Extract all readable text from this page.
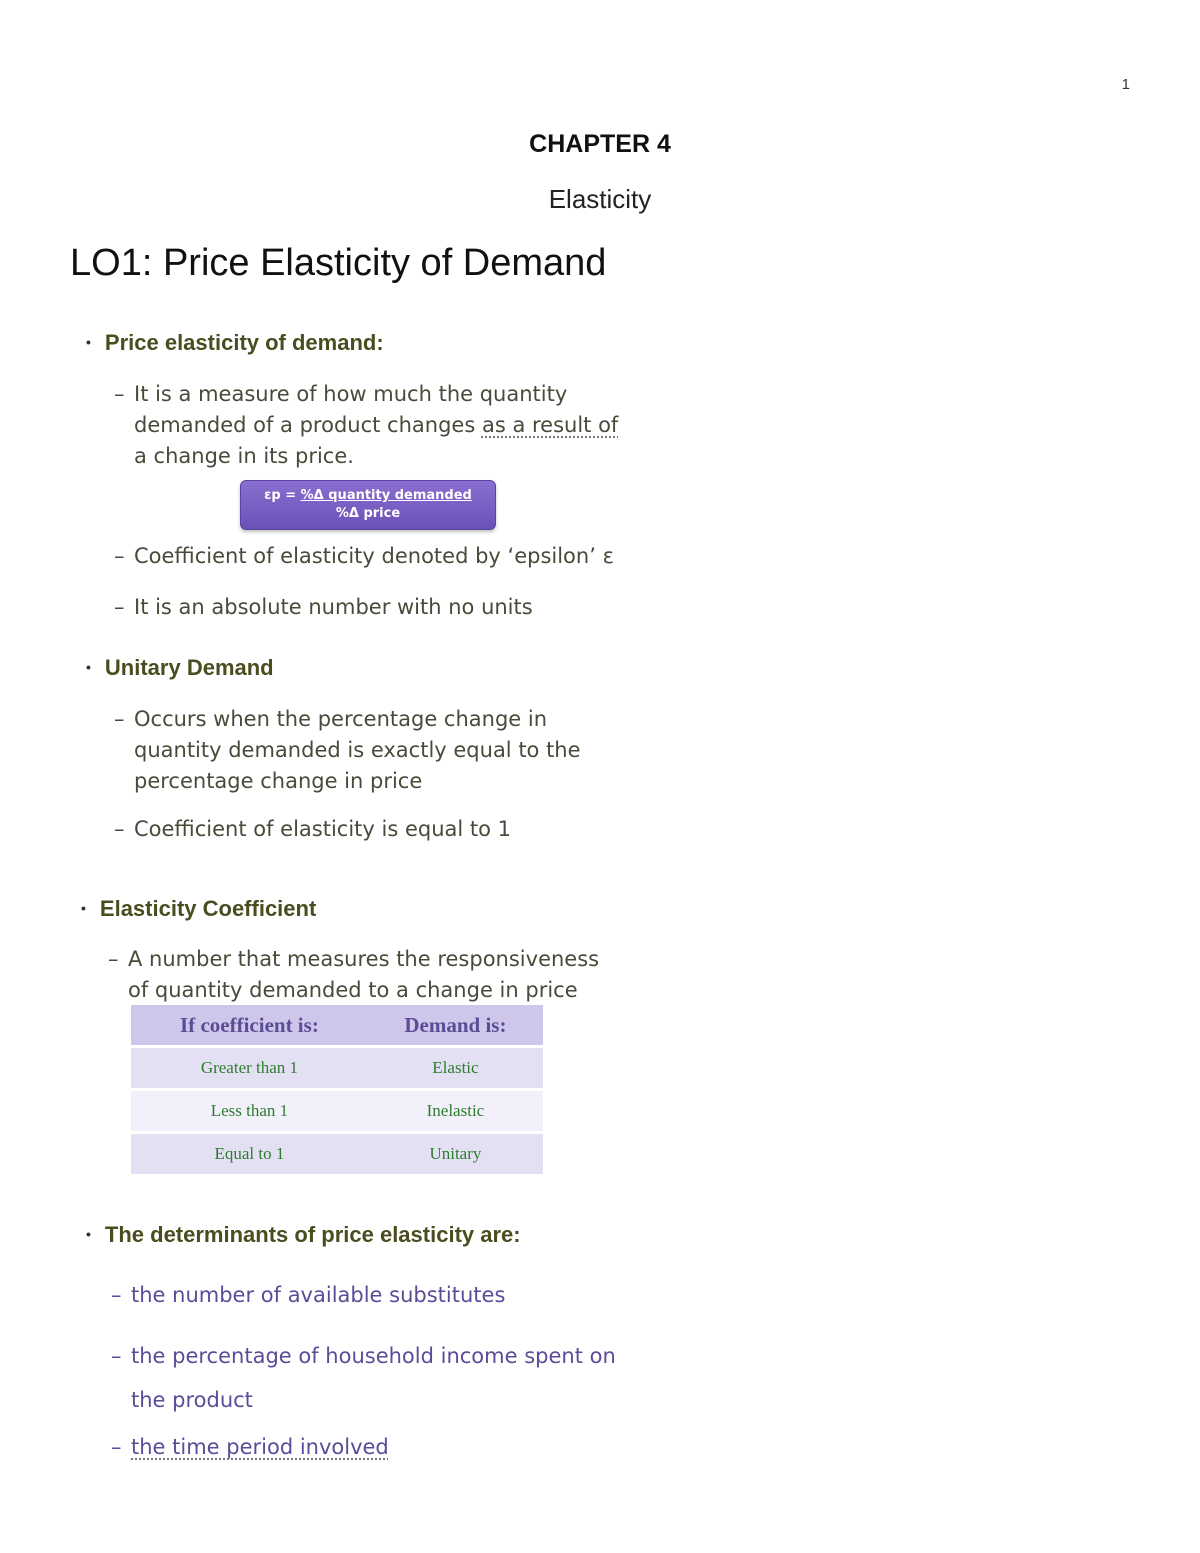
1
CHAPTER 4
Elasticity
LO1: Price Elasticity of Demand
• Price elasticity of demand:
– It is a measure of how much the quantity
demanded of a product changes as a result of
a change in its price.
εp = %Δ quantity demanded
%Δ price
– Coefficient of elasticity denoted by ‘epsilon’ ε
– It is an absolute number with no units
• Unitary Demand
– Occurs when the percentage change in
quantity demanded is exactly equal to the
percentage change in price
– Coefficient of elasticity is equal to 1
• Elasticity Coefficient
– A number that measures the responsiveness
of quantity demanded to a change in price
If coefficient is:	Demand is:
Greater than 1	Elastic
Less than 1	Inelastic
Equal to 1	Unitary
• The determinants of price elasticity are:
– the number of available substitutes
– the percentage of household income spent on
the product
– the time period involved
